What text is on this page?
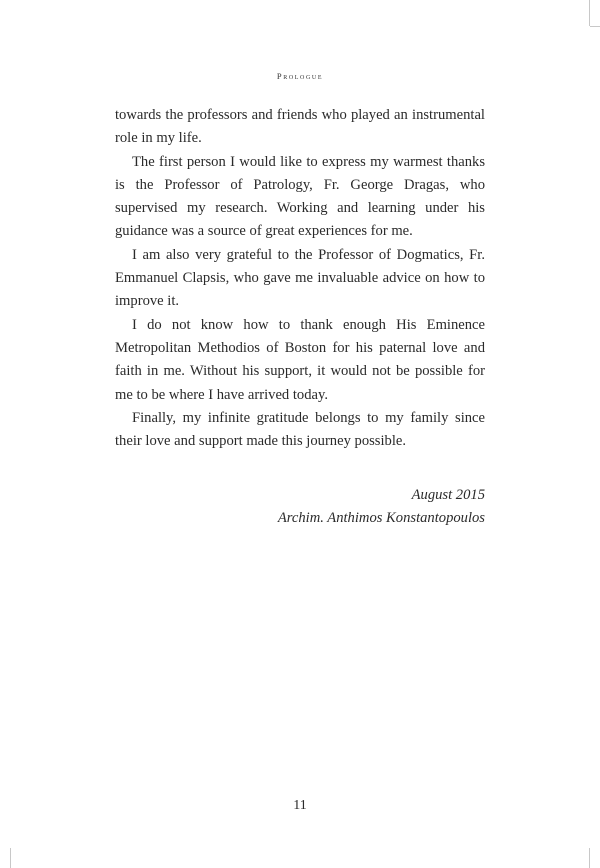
Prologue

towards the professors and friends who played an instrumental role in my life.

The first person I would like to express my warmest thanks is the Professor of Patrology, Fr. George Dragas, who supervised my research. Working and learning under his guidance was a source of great experiences for me.

I am also very grateful to the Professor of Dogmatics, Fr. Emmanuel Clapsis, who gave me invaluable advice on how to improve it.

I do not know how to thank enough His Eminence Metropolitan Methodios of Boston for his paternal love and faith in me. Without his support, it would not be possible for me to be where I have arrived today.

Finally, my infinite gratitude belongs to my family since their love and support made this journey possible.

August 2015
Archim. Anthimos Konstantopoulos
11
